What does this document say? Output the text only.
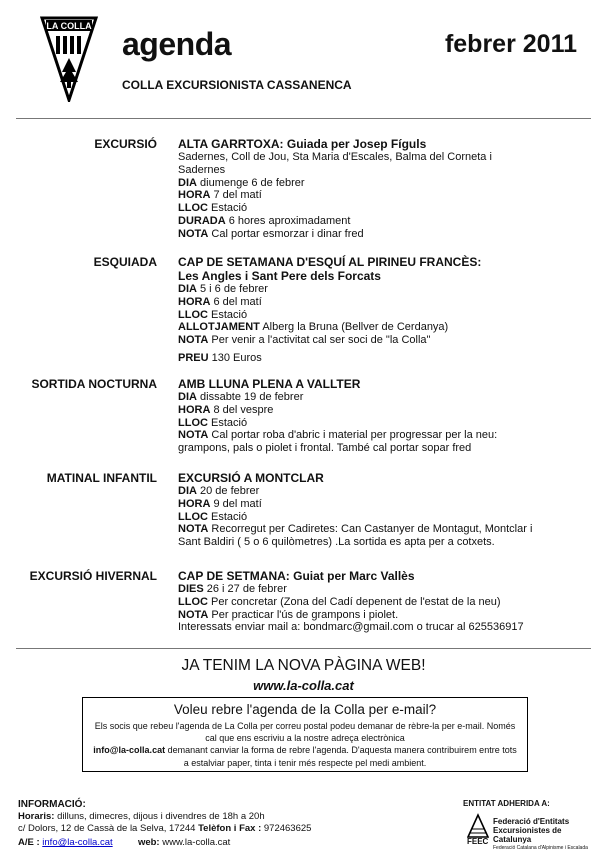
LA COLLA agenda	febrer 2011
COLLA EXCURSIONISTA CASSANENCA
EXCURSIÓ ALTA GARRTOXA: Guiada per Josep Fíguls
Sadernes, Coll de Jou, Sta Maria d'Escales, Balma del Corneta i Sadernes
DIA diumenge 6 de febrer
HORA 7 del matí
LLOC Estació
DURADA 6 hores aproximadament
NOTA Cal portar esmorzar i dinar fred
ESQUIADA CAP DE SETAMANA D'ESQUÍ AL PIRINEU FRANCÈS:
Les Angles i Sant Pere dels Forcats
DIA 5 i 6 de febrer
HORA 6 del matí
LLOC Estació
ALLOTJAMENT Alberg la Bruna (Bellver de Cerdanya)
NOTA Per venir a l'activitat cal ser soci de "la Colla"
PREU 130 Euros
SORTIDA NOCTURNA AMB LLUNA PLENA A VALLTER
DIA dissabte 19 de febrer
HORA 8 del vespre
LLOC Estació
NOTA Cal portar roba d'abric i material per progressar per la neu: grampons, pals o piolet i frontal. També cal portar sopar fred
MATINAL INFANTIL EXCURSIÓ A MONTCLAR
DIA 20 de febrer
HORA 9 del matí
LLOC Estació
NOTA Recorregut per Cadiretes: Can Castanyer de Montagut, Montclar i Sant Baldiri ( 5 o 6 quilòmetres) .La sortida es apta per a cotxets.
EXCURSIÓ HIVERNAL CAP DE SETMANA: Guiat per Marc Vallès
DIES 26 i 27 de febrer
LLOC Per concretar (Zona del Cadí depenent de l'estat de la neu)
NOTA Per practicar l'ús de grampons i piolet.
Interessats enviar mail a: bondmarc@gmail.com o trucar al 625536917
JA TENIM LA NOVA PÀGINA WEB!
www.la-colla.cat
Voleu rebre l'agenda de la Colla per e-mail?
Els socis que rebeu l'agenda de La Colla per correu postal podeu demanar de rèbre-la per e-mail. Només cal que ens escriviu a la nostre adreça electrònica
info@la-colla.cat demanant canviar la forma de rebre l'agenda. D'aquesta manera contribuirem entre tots a estalviar paper, tinta i tenir més respecte pel medi ambient.
INFORMACIÓ:
Horaris: dilluns, dimecres, dijous i divendres de 18h a 20h
c/ Dolors, 12 de Cassà de la Selva, 17244 Telèfon i Fax : 972463625
A/E : info@la-colla.cat	web: www.la-colla.cat
ENTITAT ADHERIDA A:
FEEC
Federació d'Entitats
Excursionistes de Catalunya
Federació Catalana d'Alpinisme i Escalada
